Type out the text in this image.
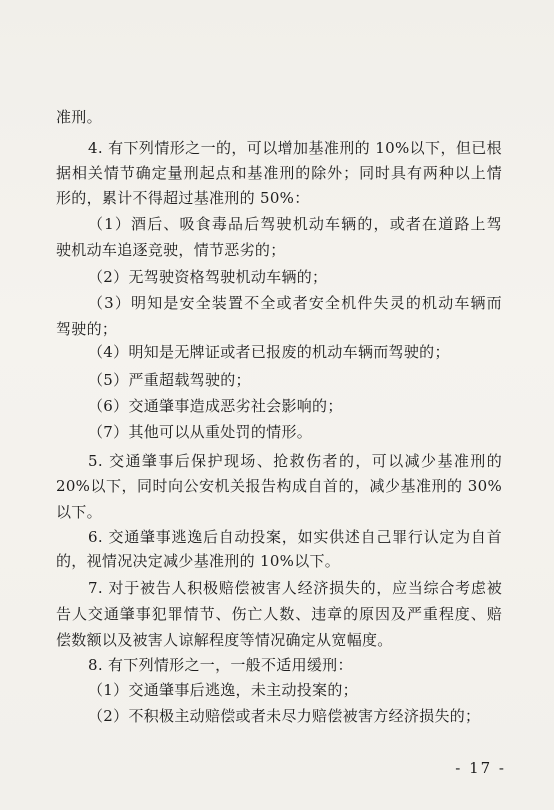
准刑。
4. 有下列情形之一的，可以增加基准刑的 10%以下，但已根
据相关情节确定量刑起点和基准刑的除外；同时具有两种以上情
形的，累计不得超过基准刑的 50%：
（1）酒后、吸食毒品后驾驶机动车辆的，或者在道路上驾
驶机动车追逐竞驶，情节恶劣的；
（2）无驾驶资格驾驶机动车辆的；
（3）明知是安全装置不全或者安全机件失灵的机动车辆而
驾驶的；
（4）明知是无牌证或者已报废的机动车辆而驾驶的；
（5）严重超载驾驶的；
（6）交通肇事造成恶劣社会影响的；
（7）其他可以从重处罚的情形。
5. 交通肇事后保护现场、抢救伤者的，可以减少基准刑的
20%以下，同时向公安机关报告构成自首的，减少基准刑的 30%
以下。
6. 交通肇事逃逸后自动投案，如实供述自己罪行认定为自首
的，视情况决定减少基准刑的 10%以下。
7. 对于被告人积极赔偿被害人经济损失的，应当综合考虑被
告人交通肇事犯罪情节、伤亡人数、违章的原因及严重程度、赔
偿数额以及被害人谅解程度等情况确定从宽幅度。
8. 有下列情形之一，一般不适用缓刑：
（1）交通肇事后逃逸，未主动投案的；
（2）不积极主动赔偿或者未尽力赔偿被害方经济损失的；
- 17 -
